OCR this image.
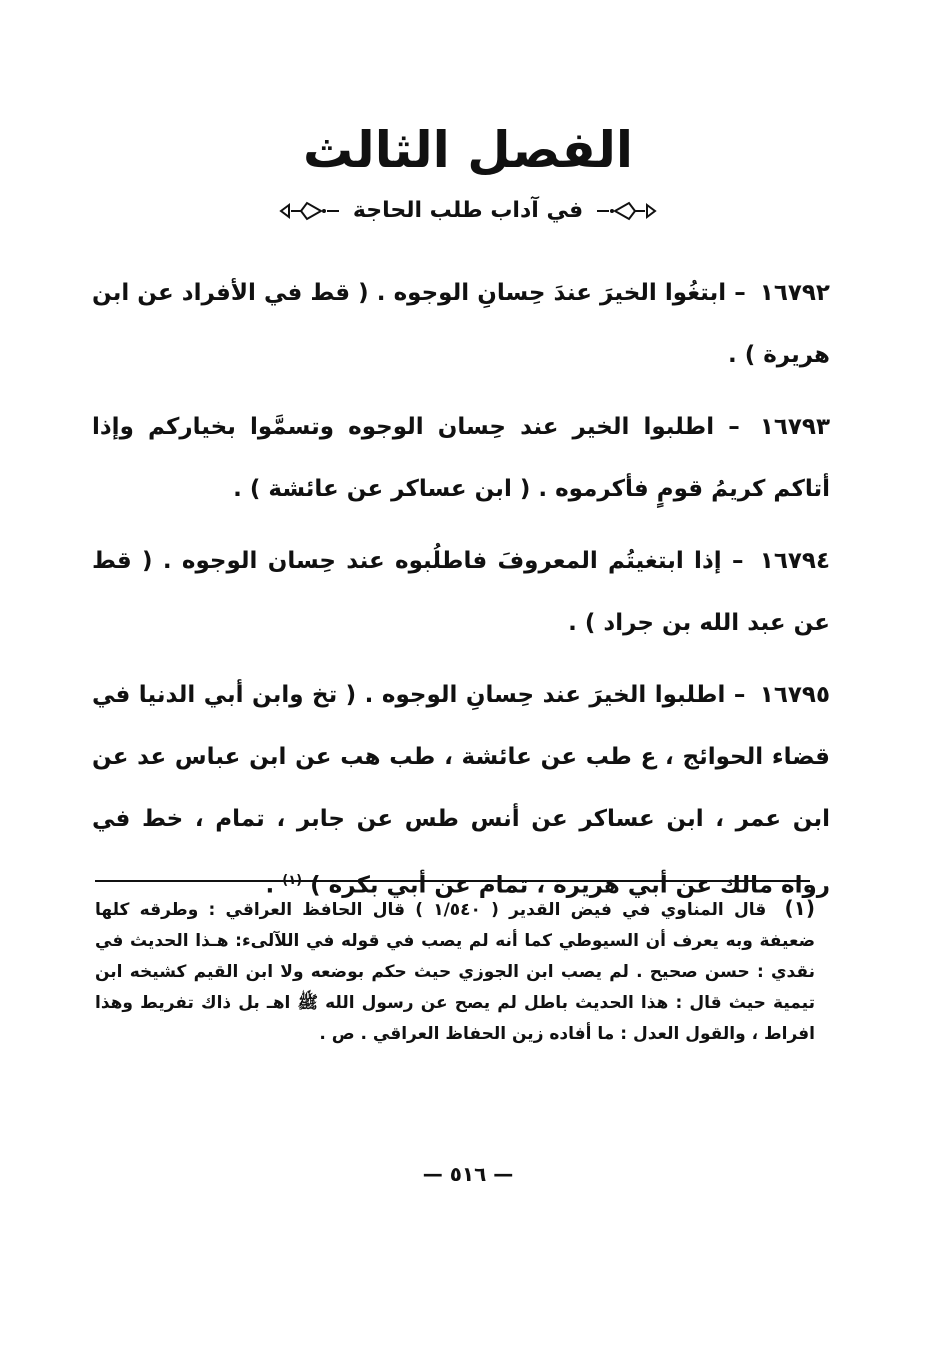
الفصل الثالث
في آداب طلب الحاجة

١٦٧٩٢ – ابتغُوا الخيرَ عندَ حِسانِ الوجوه . ( قط في الأفراد عن ابن هريرة ) .

١٦٧٩٣ – اطلبوا الخير عند حِسان الوجوه وتسمَّوا بخياركم وإذا أتاكم كريمُ قومٍ فأكرموه . ( ابن عساكر عن عائشة ) .

١٦٧٩٤ – إذا ابتغيتُم المعروفَ فاطلُبوه عند حِسان الوجوه . ( قط عن عبد الله بن جراد ) .

١٦٧٩٥ – اطلبوا الخيرَ عند حِسانِ الوجوه . ( تخ وابن أبي الدنيا في قضاء الحوائج ، ع طب عن عائشة ، طب هب عن ابن عباس عد عن ابن عمر ، ابن عساكر عن أنس طس عن جابر ، تمام ، خط في رواة مالك عن أبي هريرة ، تمام عن أبي بكرة ) $^{(١)}$ .

(١) قال المناوي في فيض القدير ( ١/٥٤٠ ) قال الحافظ العراقي : وطرقه كلها ضعيفة وبه يعرف أن السيوطي كما أنه لم يصب في قوله في اللآلىء: هـذا الحديث في نقدي : حسن صحيح . لم يصب ابن الجوزي حيث حكم بوضعه ولا ابن القيم كشيخه ابن تيمية حيث قال : هذا الحديث باطل لم يصح عن رسول الله ﷺ اهـ بل ذاك تفريط وهذا افراط ، والقول العدل : ما أفاده زين الحفاظ العراقي . ص .
— ٥١٦ —
